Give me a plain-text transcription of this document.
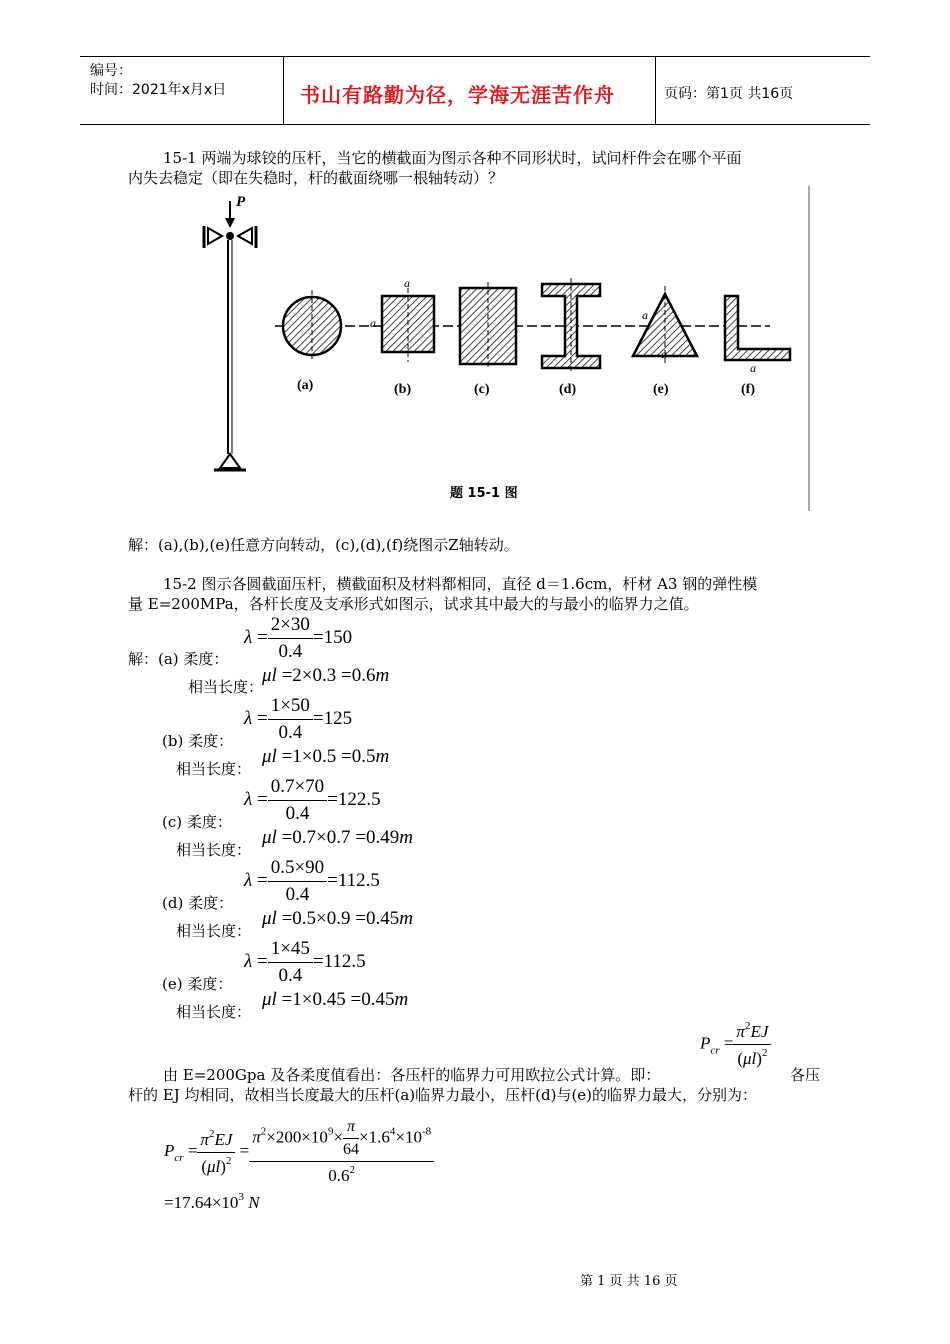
编号：
时间：2021年x月x日	书山有路勤为径，学海无涯苦作舟	页码：第1页 共16页
15-1 两端为球铰的压杆，当它的横截面为图示各种不同形状时，试问杆件会在哪个平面
内失去稳定（即在失稳时，杆的截面绕哪一根轴转动）？
P
a
a
a
a
a
(a)	(b)	(c)	(d)	(e)	(f)
题 15-1 图
解：(a),(b),(e)任意方向转动，(c),(d),(f)绕图示Z轴转动。
15-2 图示各圆截面压杆，横截面积及材料都相同，直径 d＝1.6cm，杆材 A3 钢的弹性模
量 E=200MPa，各杆长度及支承形式如图示，试求其中最大的与最小的临界力之值。
$\lambda = \frac{2\times 30}{0.4} =150$
解：(a) 柔度：
相当长度：
μl =2×0.3 =0.6m
$\lambda = \frac{1\times 50}{0.4} =125$
(b) 柔度：
相当长度：
μl =1×0.5 =0.5m
$\lambda = \frac{0.7\times 70}{0.4} =122.5$
(c) 柔度：
相当长度：
μl =0.7×0.7 =0.49m
$\lambda = \frac{0.5\times 90}{0.4} =112.5$
(d) 柔度：
相当长度：
μl =0.5×0.9 =0.45m
$\lambda = \frac{1\times 45}{0.4} =112.5$
(e) 柔度：
相当长度：
μl =1×0.45 =0.45m
$P_{cr} = \frac{\pi^2EJ}{(\mu l)^2}$
由 E=200Gpa 及各柔度值看出：各压杆的临界力可用欧拉公式计算。即：	各压
杆的 EJ 均相同，故相当长度最大的压杆(a)临界力最小，压杆(d)与(e)的临界力最大，分别为：
$P_{cr} = \frac{\pi^2EJ}{(\mu l)^2} = \frac{\pi^2\times 200\times 10^9\times \frac{\pi}{64} \times 1.6^4\times 10^{-8}}{0.6^2}$
$=17.64\times 10^3$ N
第 1 页 共 16 页
